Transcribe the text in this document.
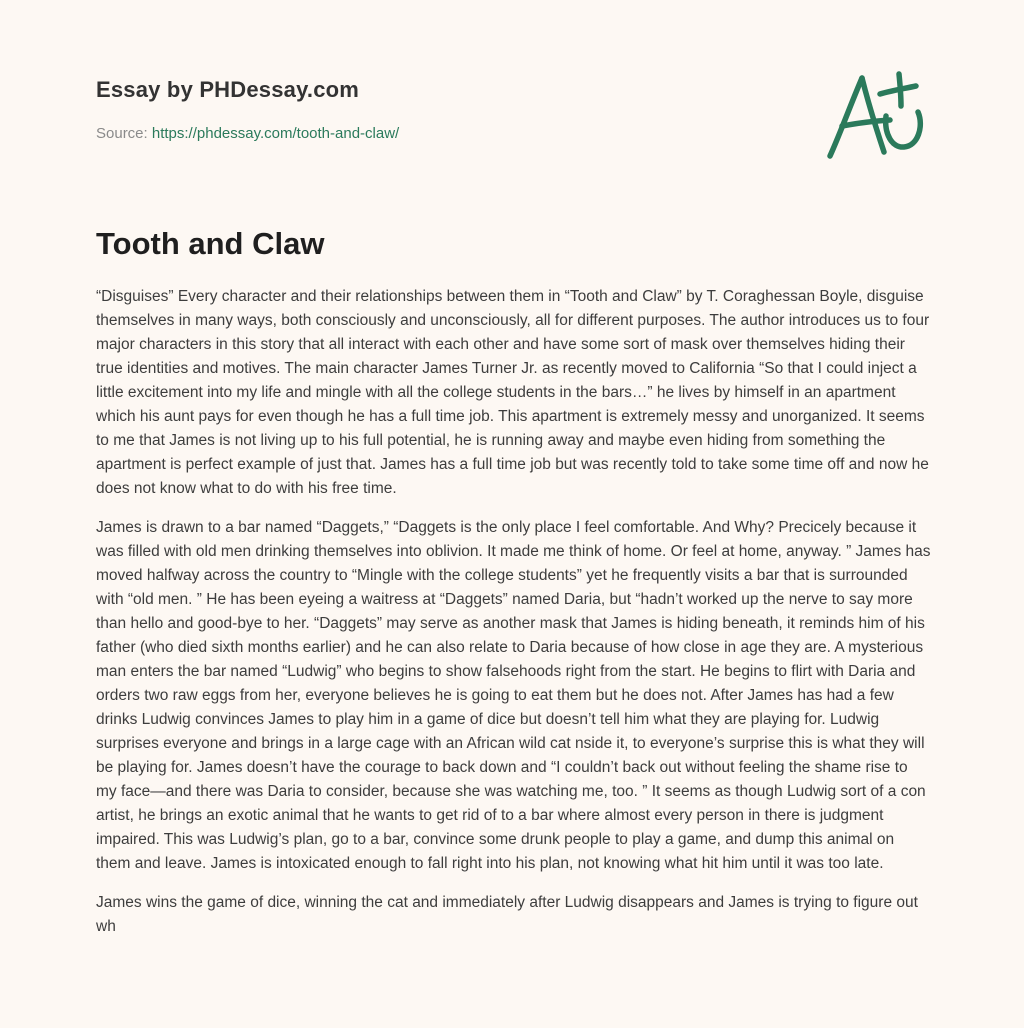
Essay by PHDessay.com
Source: https://phdessay.com/tooth-and-claw/
Tooth and Claw

“Disguises” Every character and their relationships between them in “Tooth and Claw” by T. Coraghessan Boyle, disguise themselves in many ways, both consciously and unconsciously, all for different purposes. The author introduces us to four major characters in this story that all interact with each other and have some sort of mask over themselves hiding their true identities and motives. The main character James Turner Jr. as recently moved to California “So that I could inject a little excitement into my life and mingle with all the college students in the bars…” he lives by himself in an apartment which his aunt pays for even though he has a full time job. This apartment is extremely messy and unorganized. It seems to me that James is not living up to his full potential, he is running away and maybe even hiding from something the apartment is perfect example of just that. James has a full time job but was recently told to take some time off and now he does not know what to do with his free time.

James is drawn to a bar named “Daggets,” “Daggets is the only place I feel comfortable. And Why? Precicely because it was filled with old men drinking themselves into oblivion. It made me think of home. Or feel at home, anyway. ” James has moved halfway across the country to “Mingle with the college students” yet he frequently visits a bar that is surrounded with “old men. ” He has been eyeing a waitress at “Daggets” named Daria, but “hadn’t worked up the nerve to say more than hello and good-bye to her. “Daggets” may serve as another mask that James is hiding beneath, it reminds him of his father (who died sixth months earlier) and he can also relate to Daria because of how close in age they are. A mysterious man enters the bar named “Ludwig” who begins to show falsehoods right from the start. He begins to flirt with Daria and orders two raw eggs from her, everyone believes he is going to eat them but he does not. After James has had a few drinks Ludwig convinces James to play him in a game of dice but doesn’t tell him what they are playing for. Ludwig surprises everyone and brings in a large cage with an African wild cat nside it, to everyone’s surprise this is what they will be playing for. James doesn’t have the courage to back down and “I couldn’t back out without feeling the shame rise to my face—and there was Daria to consider, because she was watching me, too. ” It seems as though Ludwig sort of a con artist, he brings an exotic animal that he wants to get rid of to a bar where almost every person in there is judgment impaired. This was Ludwig’s plan, go to a bar, convince some drunk people to play a game, and dump this animal on them and leave. James is intoxicated enough to fall right into his plan, not knowing what hit him until it was too late.

James wins the game of dice, winning the cat and immediately after Ludwig disappears and James is trying to figure out wh
